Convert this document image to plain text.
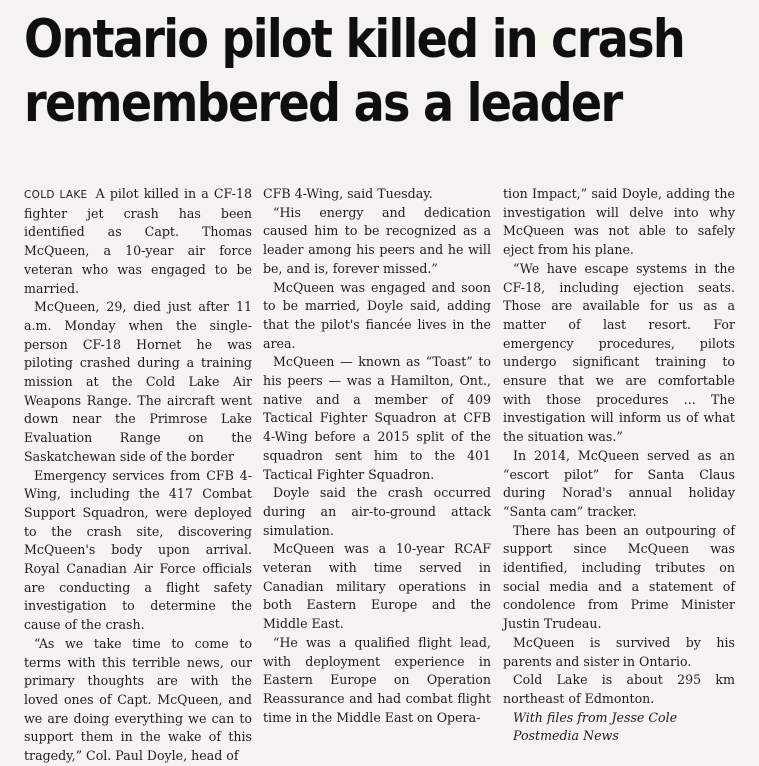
Ontario pilot killed in crash
remembered as a leader

COLD LAKE A pilot killed in a CF-18 fighter jet crash has been identified as Capt. Thomas McQueen, a 10-year air force veteran who was engaged to be married.

McQueen, 29, died just after 11 a.m. Monday when the single-person CF-18 Hornet he was piloting crashed during a training mission at the Cold Lake Air Weapons Range. The aircraft went down near the Primrose Lake Evaluation Range on the Saskatchewan side of the border

Emergency services from CFB 4-Wing, including the 417 Combat Support Squadron, were deployed to the crash site, discovering McQueen's body upon arrival. Royal Canadian Air Force officials are conducting a flight safety investigation to determine the cause of the crash.

“As we take time to come to terms with this terrible news, our primary thoughts are with the loved ones of Capt. McQueen, and we are doing everything we can to support them in the wake of this tragedy,” Col. Paul Doyle, head of

CFB 4-Wing, said Tuesday.

“His energy and dedication caused him to be recognized as a leader among his peers and he will be, and is, forever missed.”

McQueen was engaged and soon to be married, Doyle said, adding that the pilot's fiancée lives in the area.

McQueen — known as “Toast” to his peers — was a Hamilton, Ont., native and a member of 409 Tactical Fighter Squadron at CFB 4-Wing before a 2015 split of the squadron sent him to the 401 Tactical Fighter Squadron.

Doyle said the crash occurred during an air-to-ground attack simulation.

McQueen was a 10-year RCAF veteran with time served in Canadian military operations in both Eastern Europe and the Middle East.

“He was a qualified flight lead, with deployment experience in Eastern Europe on Operation Reassurance and had combat flight time in the Middle East on Opera-

tion Impact,” said Doyle, adding the investigation will delve into why McQueen was not able to safely eject from his plane.

“We have escape systems in the CF-18, including ejection seats. Those are available for us as a matter of last resort. For emergency procedures, pilots undergo significant training to ensure that we are comfortable with those procedures ... The investigation will inform us of what the situation was.”

In 2014, McQueen served as an “escort pilot” for Santa Claus during Norad's annual holiday “Santa cam” tracker.

There has been an outpouring of support since McQueen was identified, including tributes on social media and a statement of condolence from Prime Minister Justin Trudeau.

McQueen is survived by his parents and sister in Ontario.

Cold Lake is about 295 km northeast of Edmonton.

With files from Jesse Cole

Postmedia News
